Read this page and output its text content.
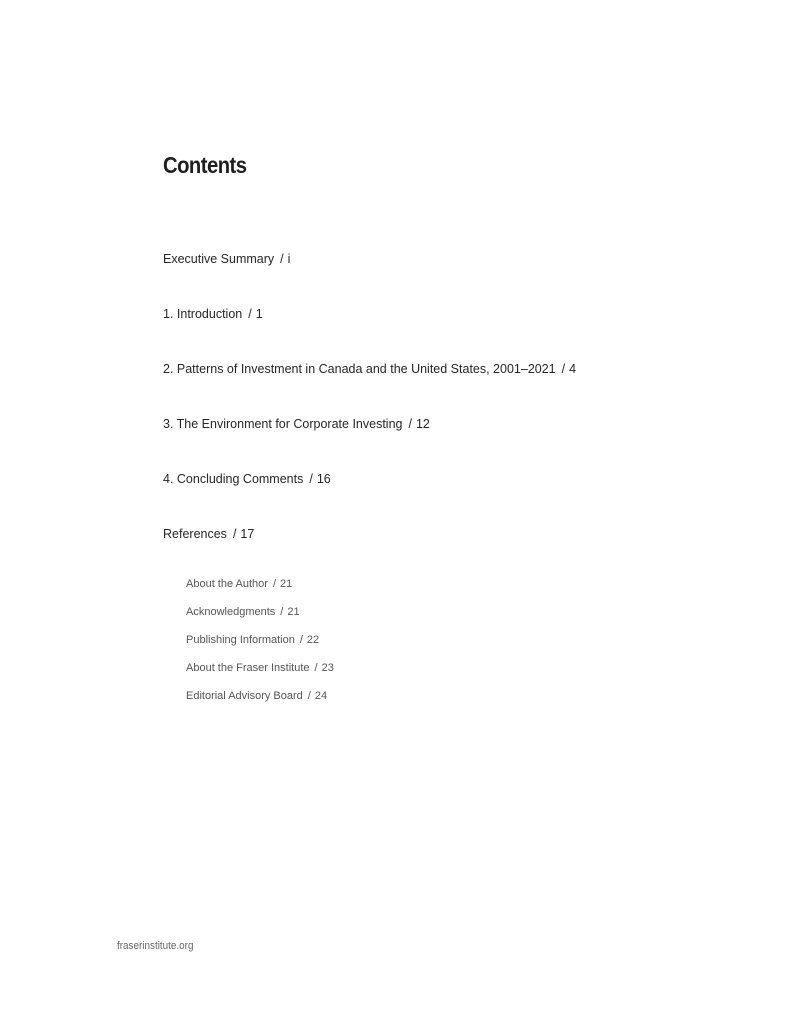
Contents
Executive Summary / i
1. Introduction / 1
2. Patterns of Investment in Canada and the United States, 2001–2021 / 4
3. The Environment for Corporate Investing / 12
4. Concluding Comments / 16
References / 17
About the Author / 21
Acknowledgments / 21
Publishing Information / 22
About the Fraser Institute / 23
Editorial Advisory Board / 24
fraserinstitute.org
